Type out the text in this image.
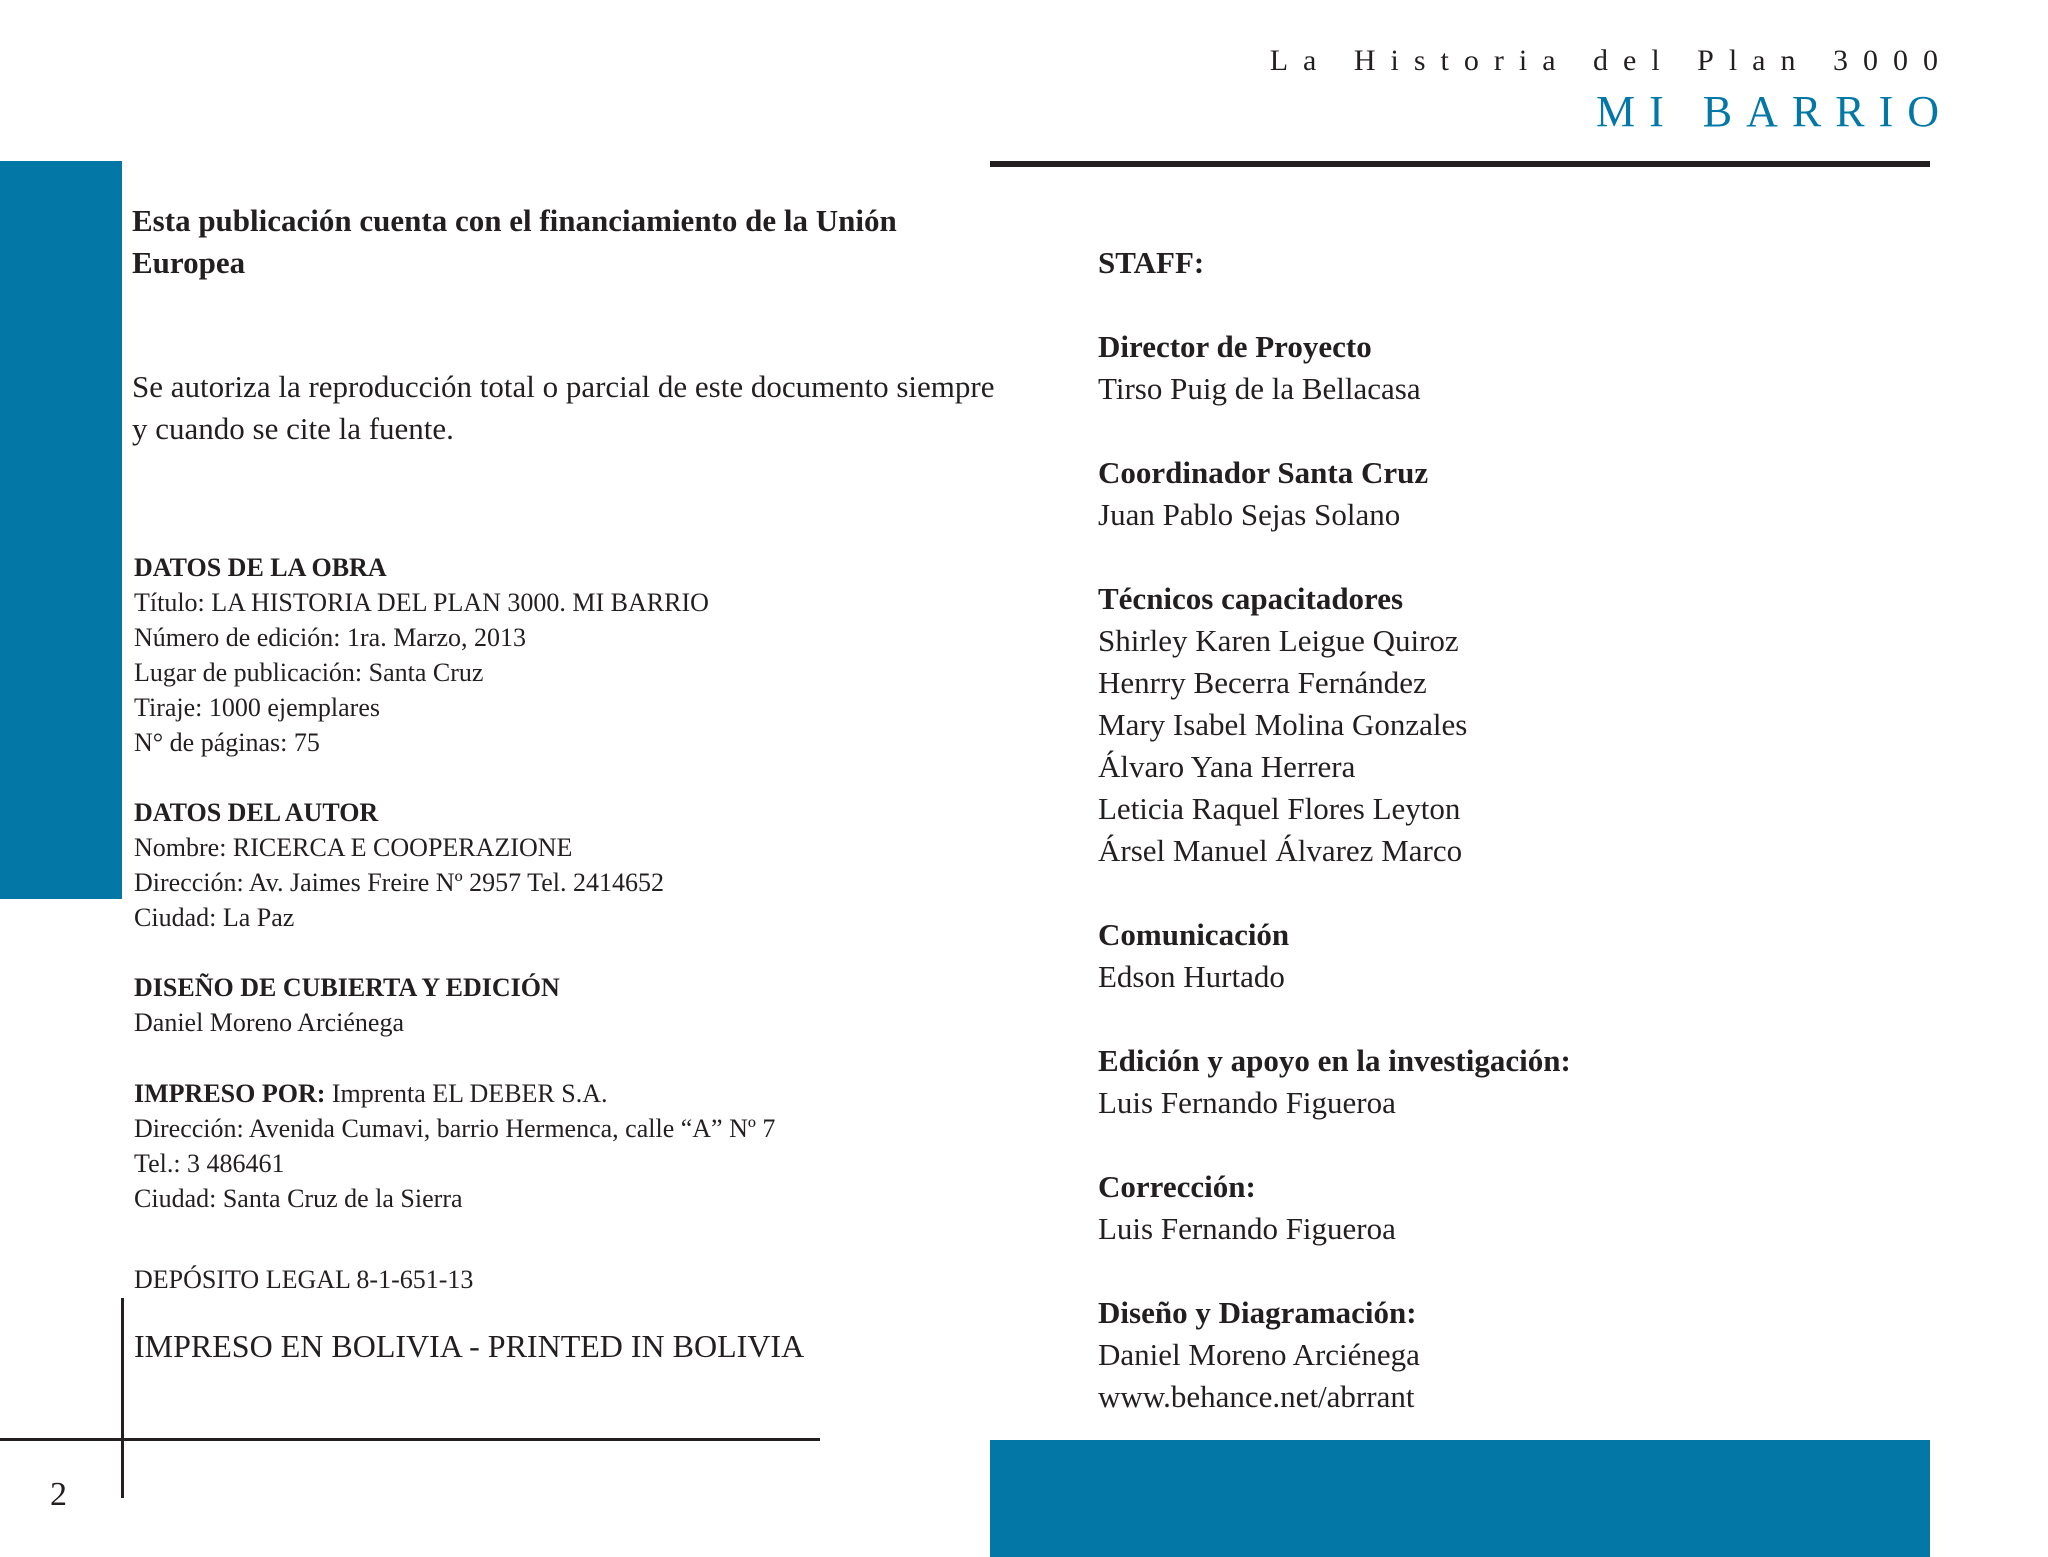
La Historia del Plan 3000
MI BARRIO
Esta publicación cuenta con el financiamiento de la Unión Europea
Se autoriza la reproducción total o parcial de este documento siempre y cuando se cite la fuente.
DATOS DE LA OBRA
Título: LA HISTORIA DEL PLAN 3000. MI BARRIO
Número de edición: 1ra. Marzo, 2013
Lugar de publicación: Santa Cruz
Tiraje: 1000 ejemplares
N° de páginas: 75
DATOS DEL AUTOR
Nombre: RICERCA E COOPERAZIONE
Dirección: Av. Jaimes Freire Nº 2957 Tel. 2414652
Ciudad: La Paz
DISEÑO DE CUBIERTA Y EDICIÓN
Daniel Moreno Arciénega
IMPRESO POR: Imprenta EL DEBER S.A.
Dirección: Avenida Cumavi, barrio Hermenca, calle “A” Nº 7
Tel.: 3 486461
Ciudad: Santa Cruz de la Sierra
DEPÓSITO LEGAL 8-1-651-13
IMPRESO EN BOLIVIA - PRINTED IN BOLIVIA
2
STAFF:
Director de Proyecto
Tirso Puig de la Bellacasa
Coordinador Santa Cruz
Juan Pablo Sejas Solano
Técnicos capacitadores
Shirley Karen Leigue Quiroz
Henrry Becerra Fernández
Mary Isabel Molina Gonzales
Álvaro Yana Herrera
Leticia Raquel Flores Leyton
Ársel Manuel Álvarez Marco
Comunicación
Edson Hurtado
Edición y apoyo en la investigación:
Luis Fernando Figueroa
Corrección:
Luis Fernando Figueroa
Diseño y Diagramación:
Daniel Moreno Arciénega
www.behance.net/abrrant
